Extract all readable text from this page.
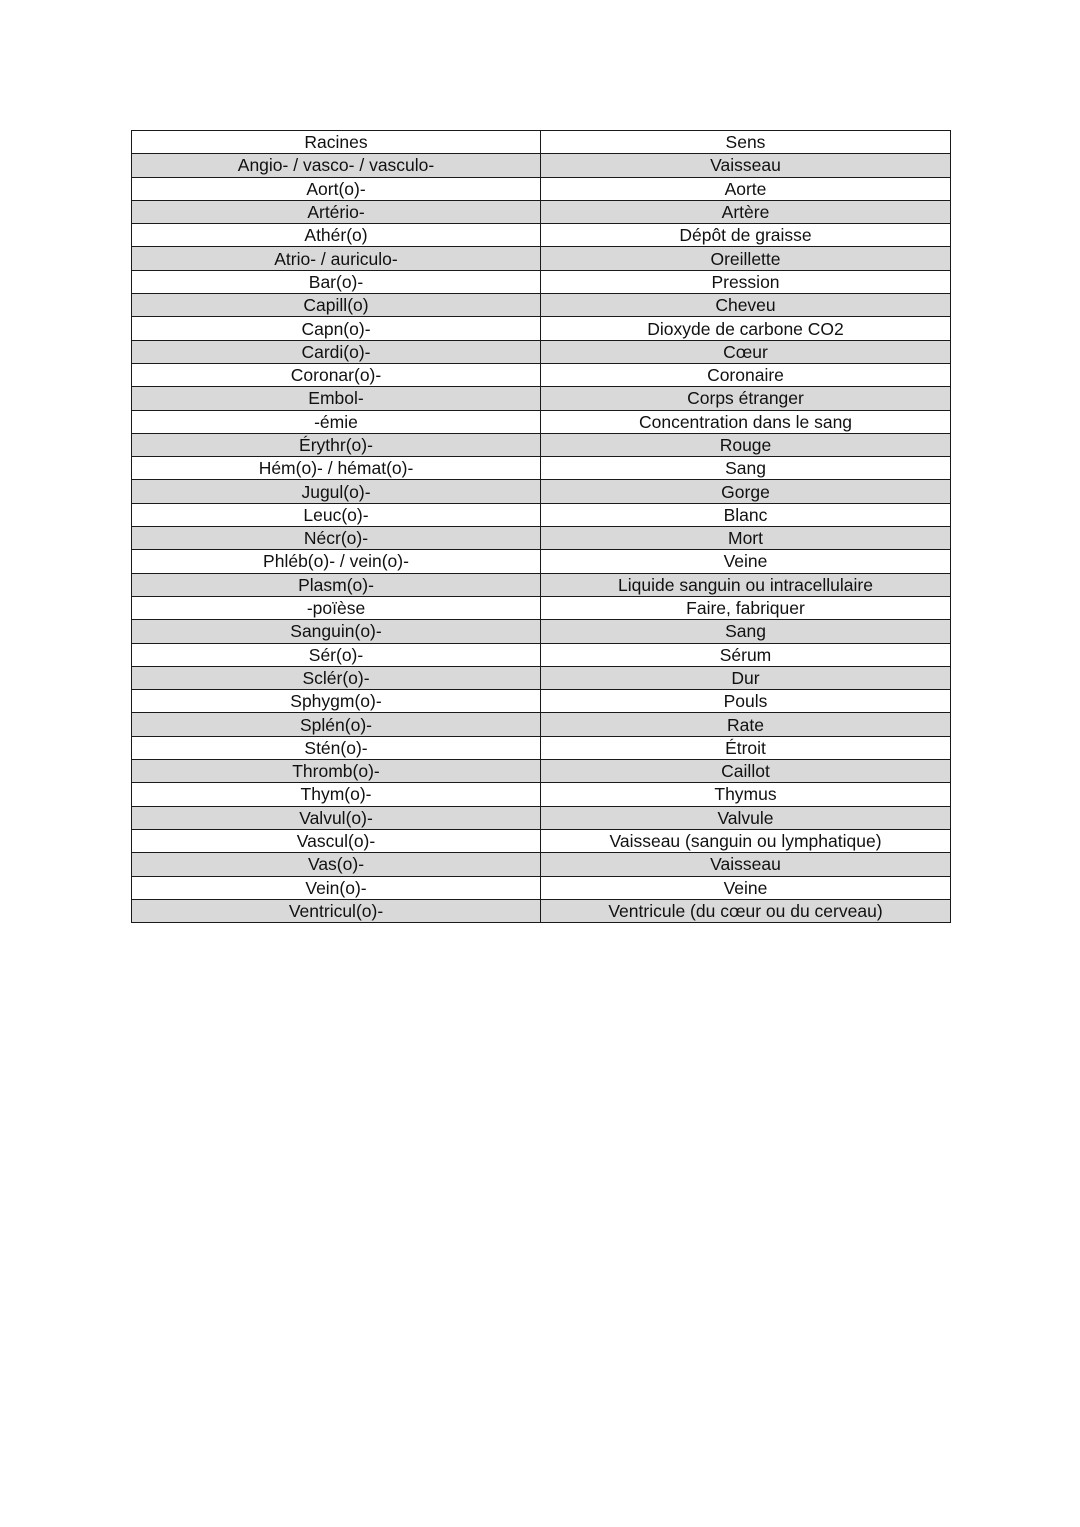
Racines	Sens
Angio- / vasco- / vasculo-	Vaisseau
Aort(o)-	Aorte
Artério-	Artère
Athér(o)	Dépôt de graisse
Atrio- / auriculo-	Oreillette
Bar(o)-	Pression
Capill(o)	Cheveu
Capn(o)-	Dioxyde de carbone CO2
Cardi(o)-	Cœur
Coronar(o)-	Coronaire
Embol-	Corps étranger
-émie	Concentration dans le sang
Érythr(o)-	Rouge
Hém(o)- / hémat(o)-	Sang
Jugul(o)-	Gorge
Leuc(o)-	Blanc
Nécr(o)-	Mort
Phléb(o)- / vein(o)-	Veine
Plasm(o)-	Liquide sanguin ou intracellulaire
-poïèse	Faire, fabriquer
Sanguin(o)-	Sang
Sér(o)-	Sérum
Sclér(o)-	Dur
Sphygm(o)-	Pouls
Splén(o)-	Rate
Stén(o)-	Étroit
Thromb(o)-	Caillot
Thym(o)-	Thymus
Valvul(o)-	Valvule
Vascul(o)-	Vaisseau (sanguin ou lymphatique)
Vas(o)-	Vaisseau
Vein(o)-	Veine
Ventricul(o)-	Ventricule (du cœur ou du cerveau)
